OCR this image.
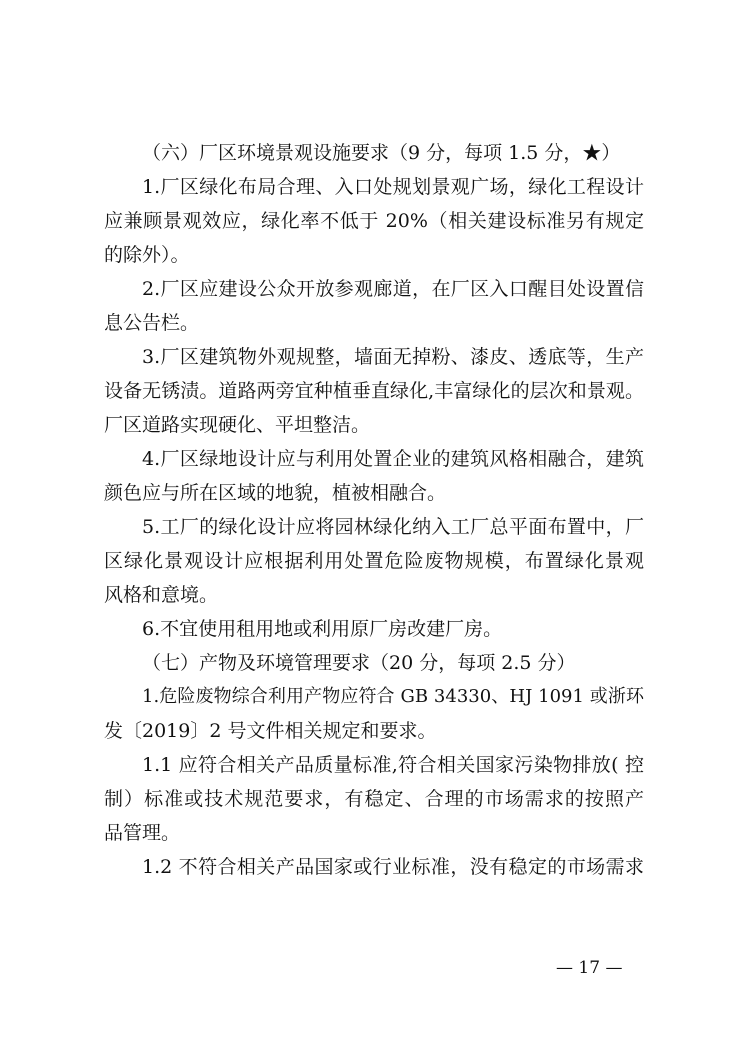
（六）厂区环境景观设施要求（9 分，每项 1.5 分，★）
1.厂区绿化布局合理、入口处规划景观广场，绿化工程设计
应兼顾景观效应，绿化率不低于 20%（相关建设标准另有规定
的除外）。
2.厂区应建设公众开放参观廊道，在厂区入口醒目处设置信
息公告栏。
3.厂区建筑物外观规整，墙面无掉粉、漆皮、透底等，生产
设备无锈渍。道路两旁宜种植垂直绿化,丰富绿化的层次和景观。
厂区道路实现硬化、平坦整洁。
4.厂区绿地设计应与利用处置企业的建筑风格相融合，建筑
颜色应与所在区域的地貌，植被相融合。
5.工厂的绿化设计应将园林绿化纳入工厂总平面布置中，厂
区绿化景观设计应根据利用处置危险废物规模，布置绿化景观
风格和意境。
6.不宜使用租用地或利用原厂房改建厂房。
（七）产物及环境管理要求（20 分，每项 2.5 分）
1.危险废物综合利用产物应符合 GB 34330、HJ 1091 或浙环
发〔2019〕2 号文件相关规定和要求。
1.1 应符合相关产品质量标准,符合相关国家污染物排放( 控
制）标准或技术规范要求，有稳定、合理的市场需求的按照产
品管理。
1.2 不符合相关产品国家或行业标准，没有稳定的市场需求
— 17 —
